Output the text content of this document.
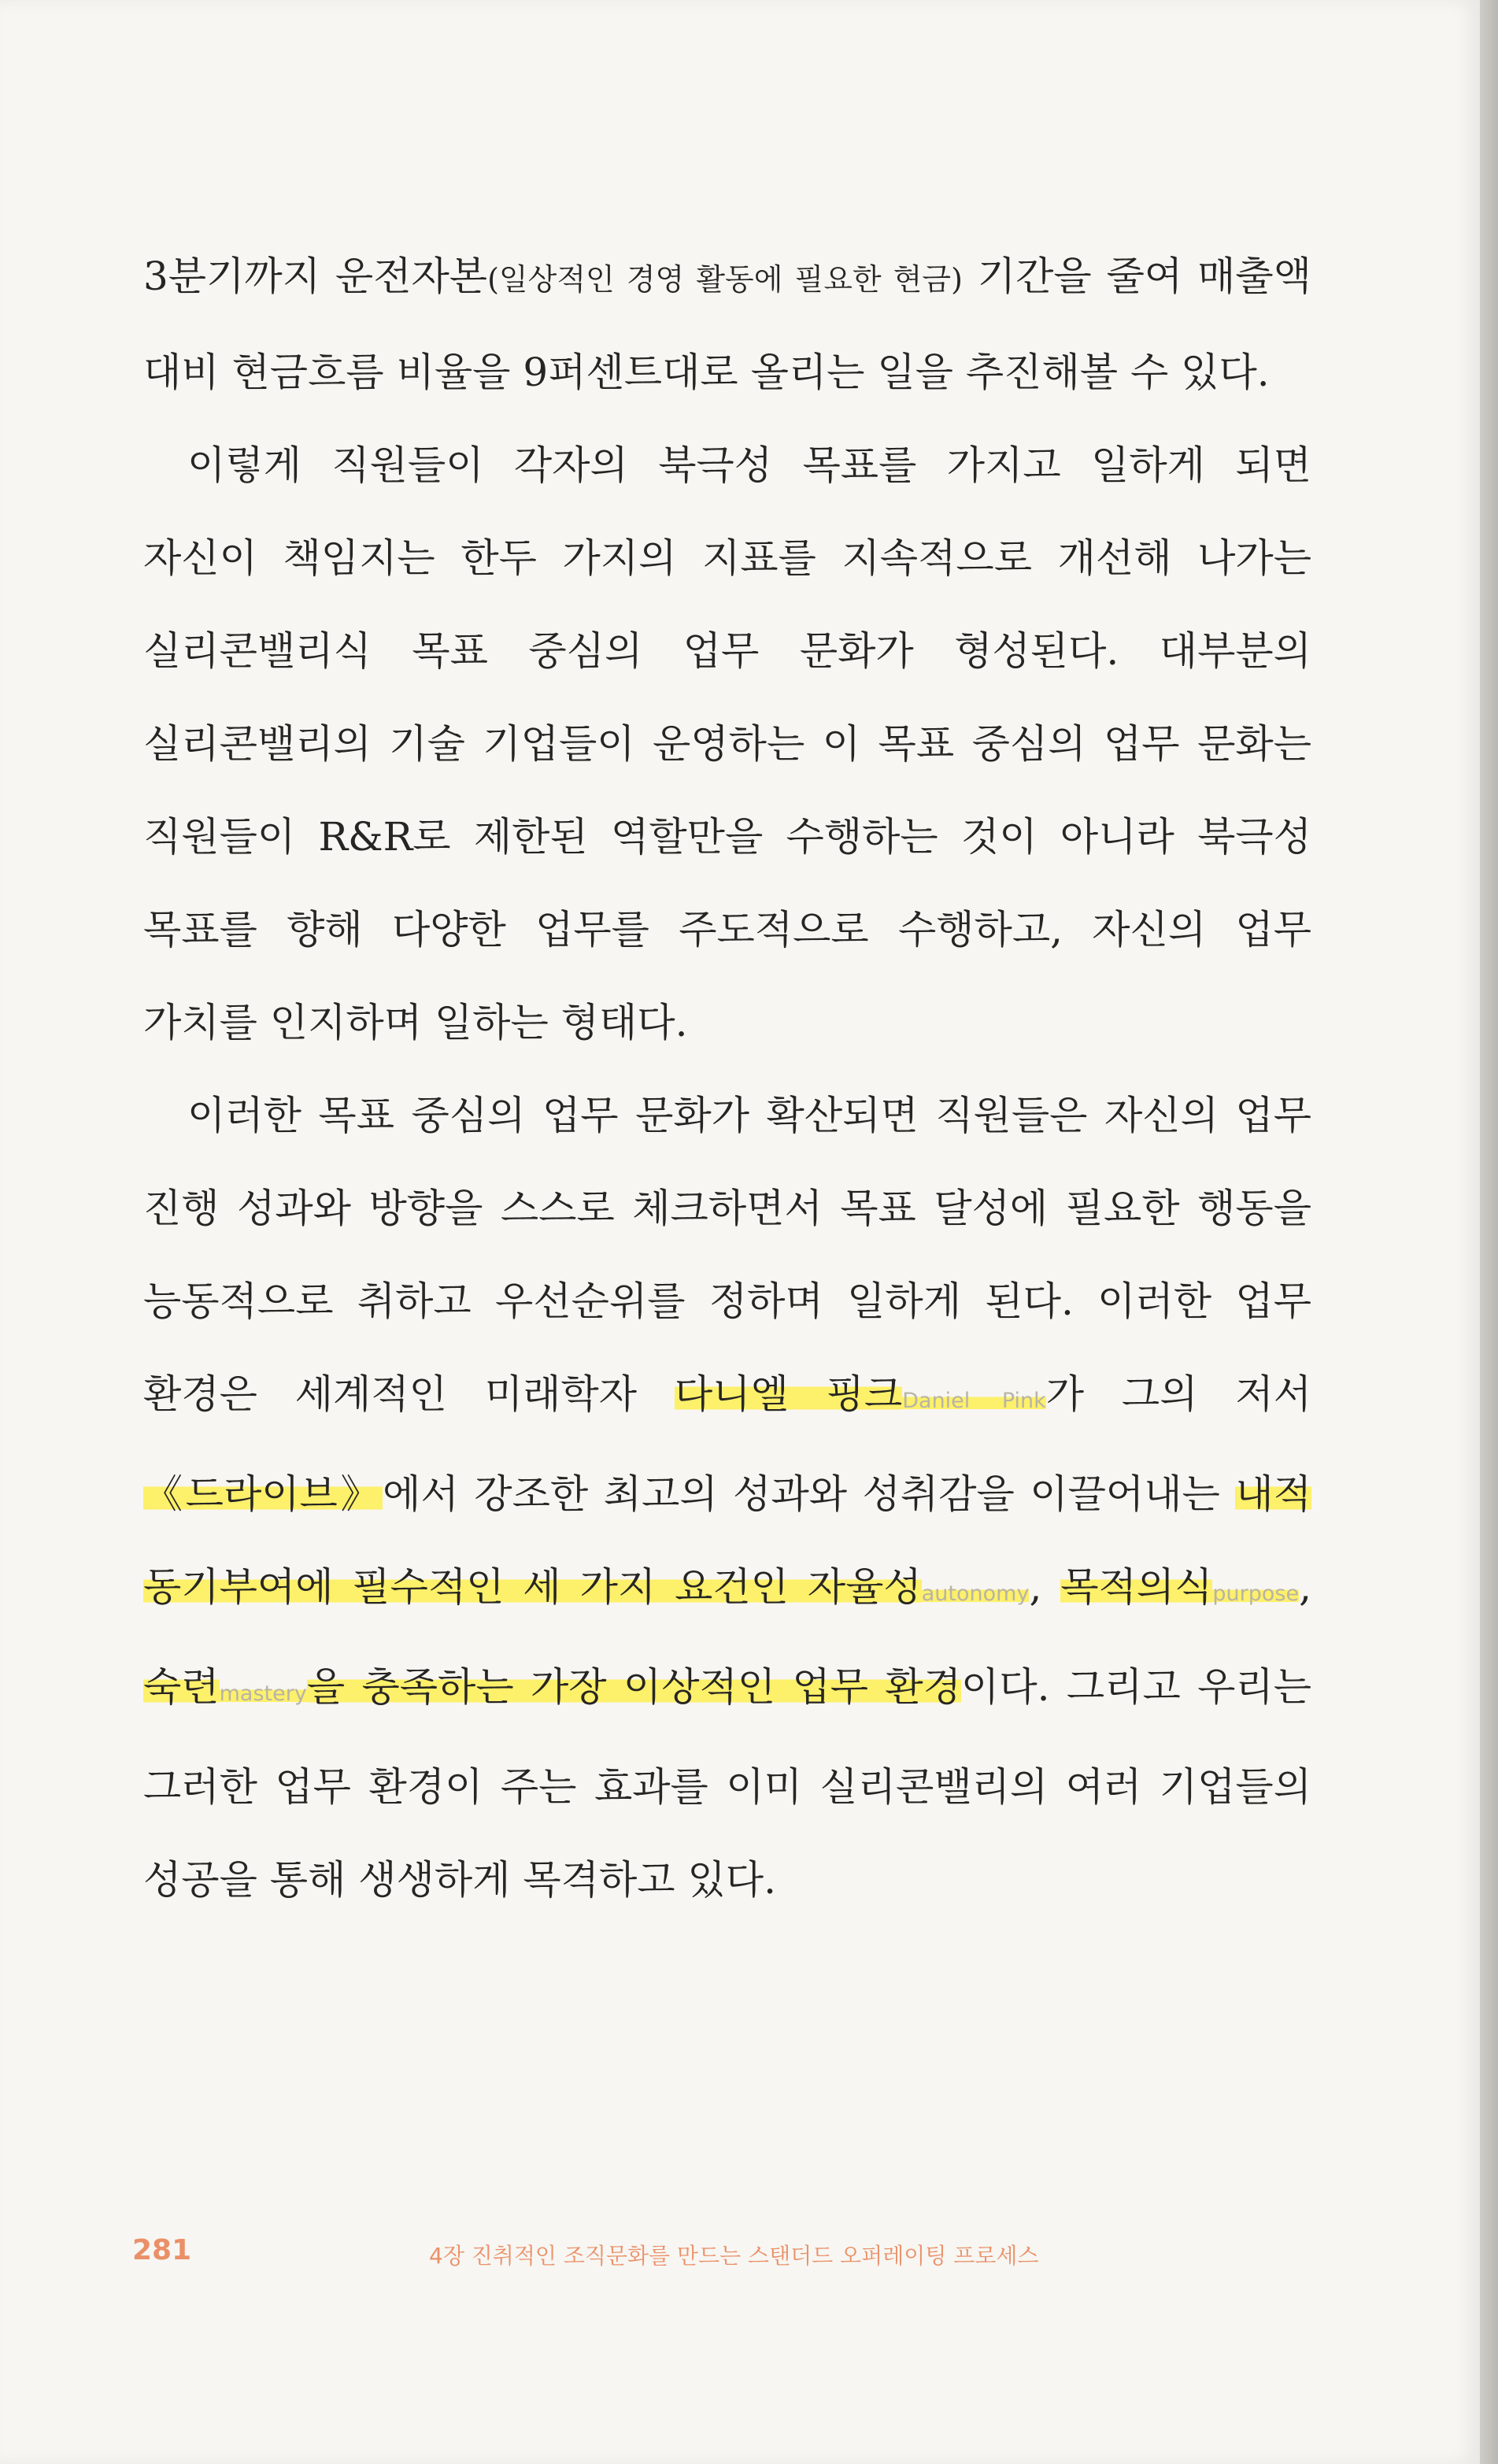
3분기까지 운전자본(일상적인 경영 활동에 필요한 현금) 기간을 줄여 매출액 대비 현금흐름 비율을 9퍼센트대로 올리는 일을 추진해볼 수 있다.

이렇게 직원들이 각자의 북극성 목표를 가지고 일하게 되면 자신이 책임지는 한두 가지의 지표를 지속적으로 개선해 나가는 실리콘밸리식 목표 중심의 업무 문화가 형성된다. 대부분의 실리콘밸리의 기술 기업들이 운영하는 이 목표 중심의 업무 문화는 직원들이 R&R로 제한된 역할만을 수행하는 것이 아니라 북극성 목표를 향해 다양한 업무를 주도적으로 수행하고, 자신의 업무 가치를 인지하며 일하는 형태다.

이러한 목표 중심의 업무 문화가 확산되면 직원들은 자신의 업무 진행 성과와 방향을 스스로 체크하면서 목표 달성에 필요한 행동을 능동적으로 취하고 우선순위를 정하며 일하게 된다. 이러한 업무 환경은 세계적인 미래학자 다니엘 핑크Daniel Pink가 그의 저서 《드라이브》에서 강조한 최고의 성과와 성취감을 이끌어내는 내적 동기부여에 필수적인 세 가지 요건인 자율성autonomy, 목적의식purpose, 숙련mastery을 충족하는 가장 이상적인 업무 환경이다. 그리고 우리는 그러한 업무 환경이 주는 효과를 이미 실리콘밸리의 여러 기업들의 성공을 통해 생생하게 목격하고 있다.

281	4장 진취적인 조직문화를 만드는 스탠더드 오퍼레이팅 프로세스
